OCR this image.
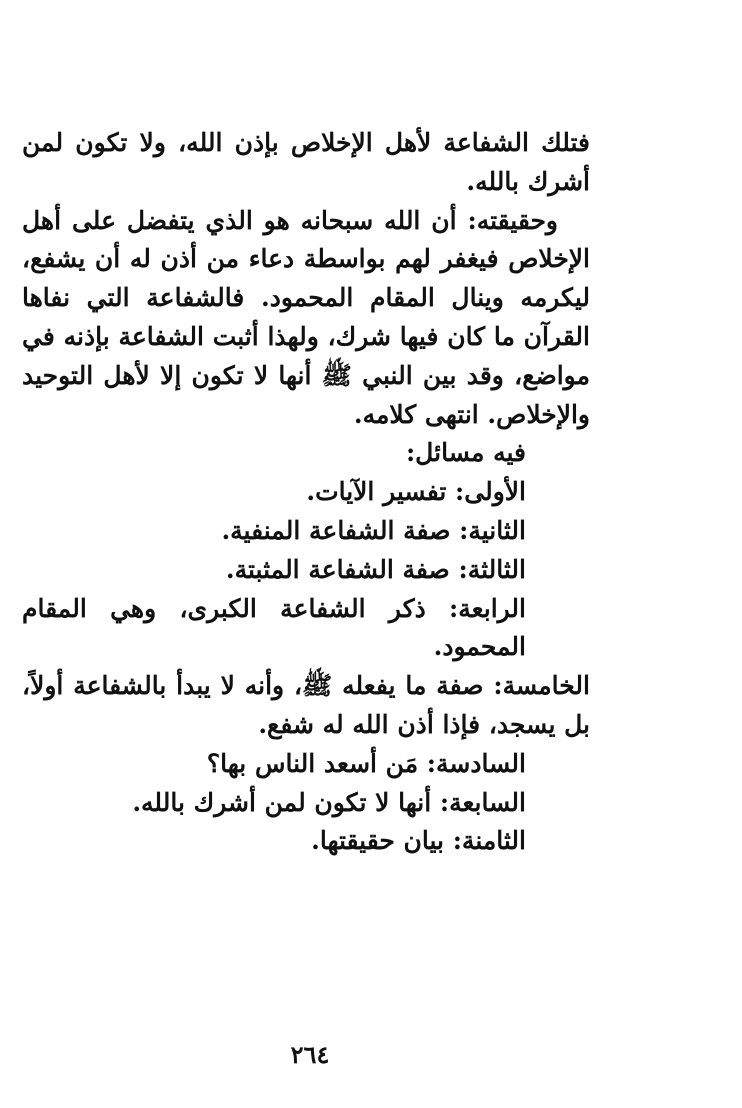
فتلك الشفاعة لأهل الإخلاص بإذن الله، ولا تكون لمن أشرك بالله.

وحقيقته: أن الله سبحانه هو الذي يتفضل على أهل الإخلاص فيغفر لهم بواسطة دعاء من أذن له أن يشفع، ليكرمه وينال المقام المحمود. فالشفاعة التي نفاها القرآن ما كان فيها شرك، ولهذا أثبت الشفاعة بإذنه في مواضع، وقد بين النبي ﷺ أنها لا تكون إلا لأهل التوحيد والإخلاص. انتهى كلامه.

فيه مسائل:
الأولى: تفسير الآيات.
الثانية: صفة الشفاعة المنفية.
الثالثة: صفة الشفاعة المثبتة.
الرابعة: ذكر الشفاعة الكبرى، وهي المقام المحمود.
الخامسة: صفة ما يفعله ﷺ، وأنه لا يبدأ بالشفاعة أولاً، بل يسجد، فإذا أذن الله له شفع.
السادسة: مَن أسعد الناس بها؟
السابعة: أنها لا تكون لمن أشرك بالله.
الثامنة: بيان حقيقتها.
٢٦٤
